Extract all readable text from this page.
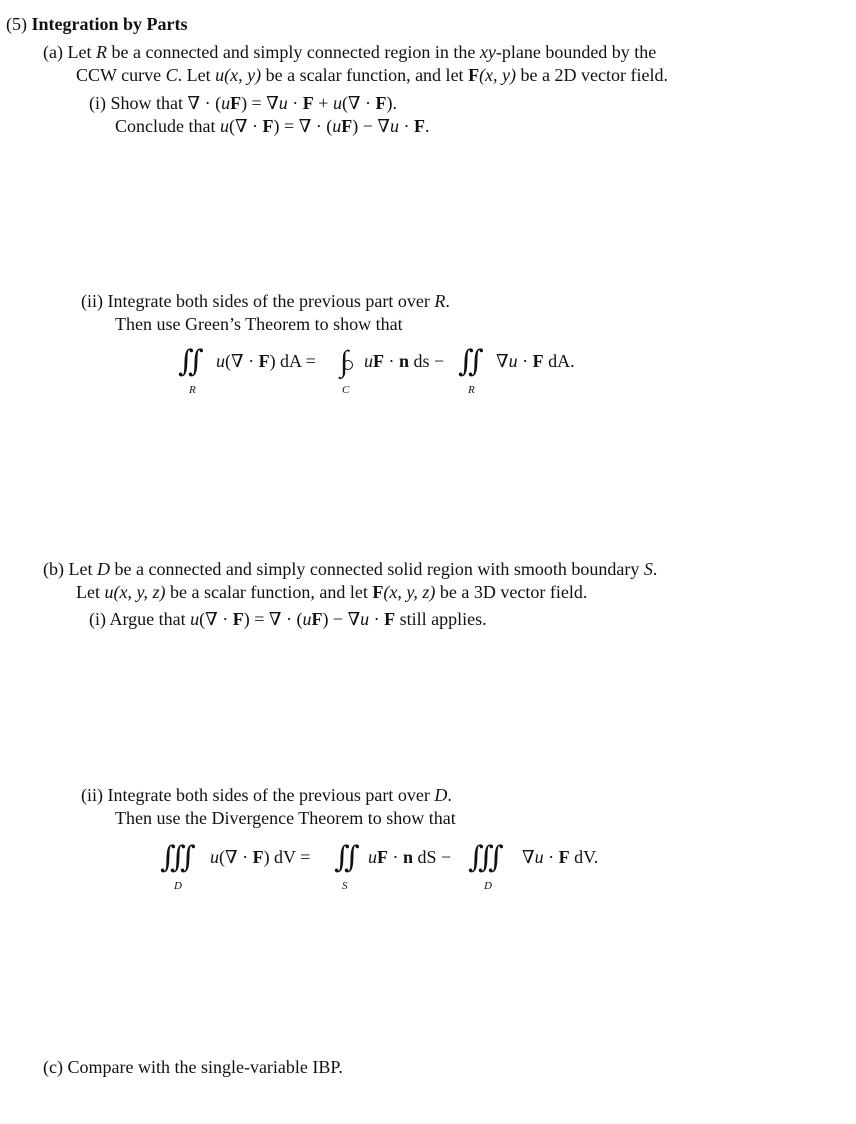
(5) Integration by Parts
(a) Let R be a connected and simply connected region in the xy-plane bounded by the
CCW curve C. Let u(x, y) be a scalar function, and let F(x, y) be a 2D vector field.
(i) Show that ∇ · (uF) = ∇u · F + u(∇ · F).
Conclude that u(∇ · F) = ∇ · (uF) − ∇u · F.
(ii) Integrate both sides of the previous part over R.
Then use Green’s Theorem to show that
∬
R
u(∇ · F) dA = ∫
C
uF · n ds − ∬
R
∇u · F dA.
(b) Let D be a connected and simply connected solid region with smooth boundary S.
Let u(x, y, z) be a scalar function, and let F(x, y, z) be a 3D vector field.
(i) Argue that u(∇ · F) = ∇ · (uF) − ∇u · F still applies.
(ii) Integrate both sides of the previous part over D.
Then use the Divergence Theorem to show that
∭
D
u(∇ · F) dV = ∬
S
uF · n dS − ∭
D
∇u · F dV.
(c) Compare with the single-variable IBP.
